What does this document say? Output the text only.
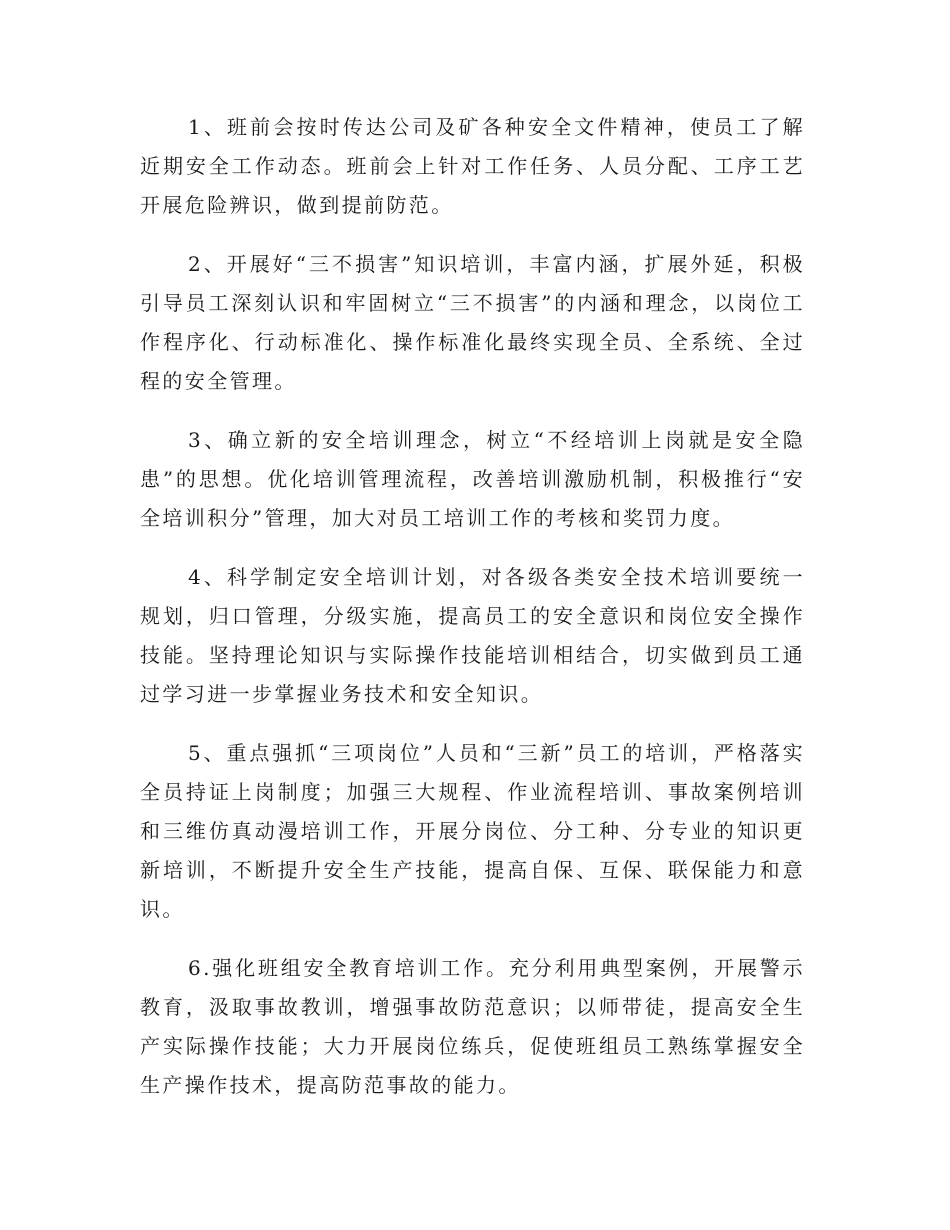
1、班前会按时传达公司及矿各种安全文件精神，使员工了解近期安全工作动态。班前会上针对工作任务、人员分配、工序工艺开展危险辨识，做到提前防范。

2、开展好“三不损害”知识培训，丰富内涵，扩展外延，积极引导员工深刻认识和牢固树立“三不损害”的内涵和理念，以岗位工作程序化、行动标准化、操作标准化最终实现全员、全系统、全过程的安全管理。

3、确立新的安全培训理念，树立“不经培训上岗就是安全隐患”的思想。优化培训管理流程，改善培训激励机制，积极推行“安全培训积分”管理，加大对员工培训工作的考核和奖罚力度。

4、科学制定安全培训计划，对各级各类安全技术培训要统一规划，归口管理，分级实施，提高员工的安全意识和岗位安全操作技能。坚持理论知识与实际操作技能培训相结合，切实做到员工通过学习进一步掌握业务技术和安全知识。

5、重点强抓“三项岗位”人员和“三新”员工的培训，严格落实全员持证上岗制度；加强三大规程、作业流程培训、事故案例培训和三维仿真动漫培训工作，开展分岗位、分工种、分专业的知识更新培训，不断提升安全生产技能，提高自保、互保、联保能力和意识。

6.强化班组安全教育培训工作。充分利用典型案例，开展警示教育，汲取事故教训，增强事故防范意识；以师带徒，提高安全生产实际操作技能；大力开展岗位练兵，促使班组员工熟练掌握安全生产操作技术，提高防范事故的能力。
